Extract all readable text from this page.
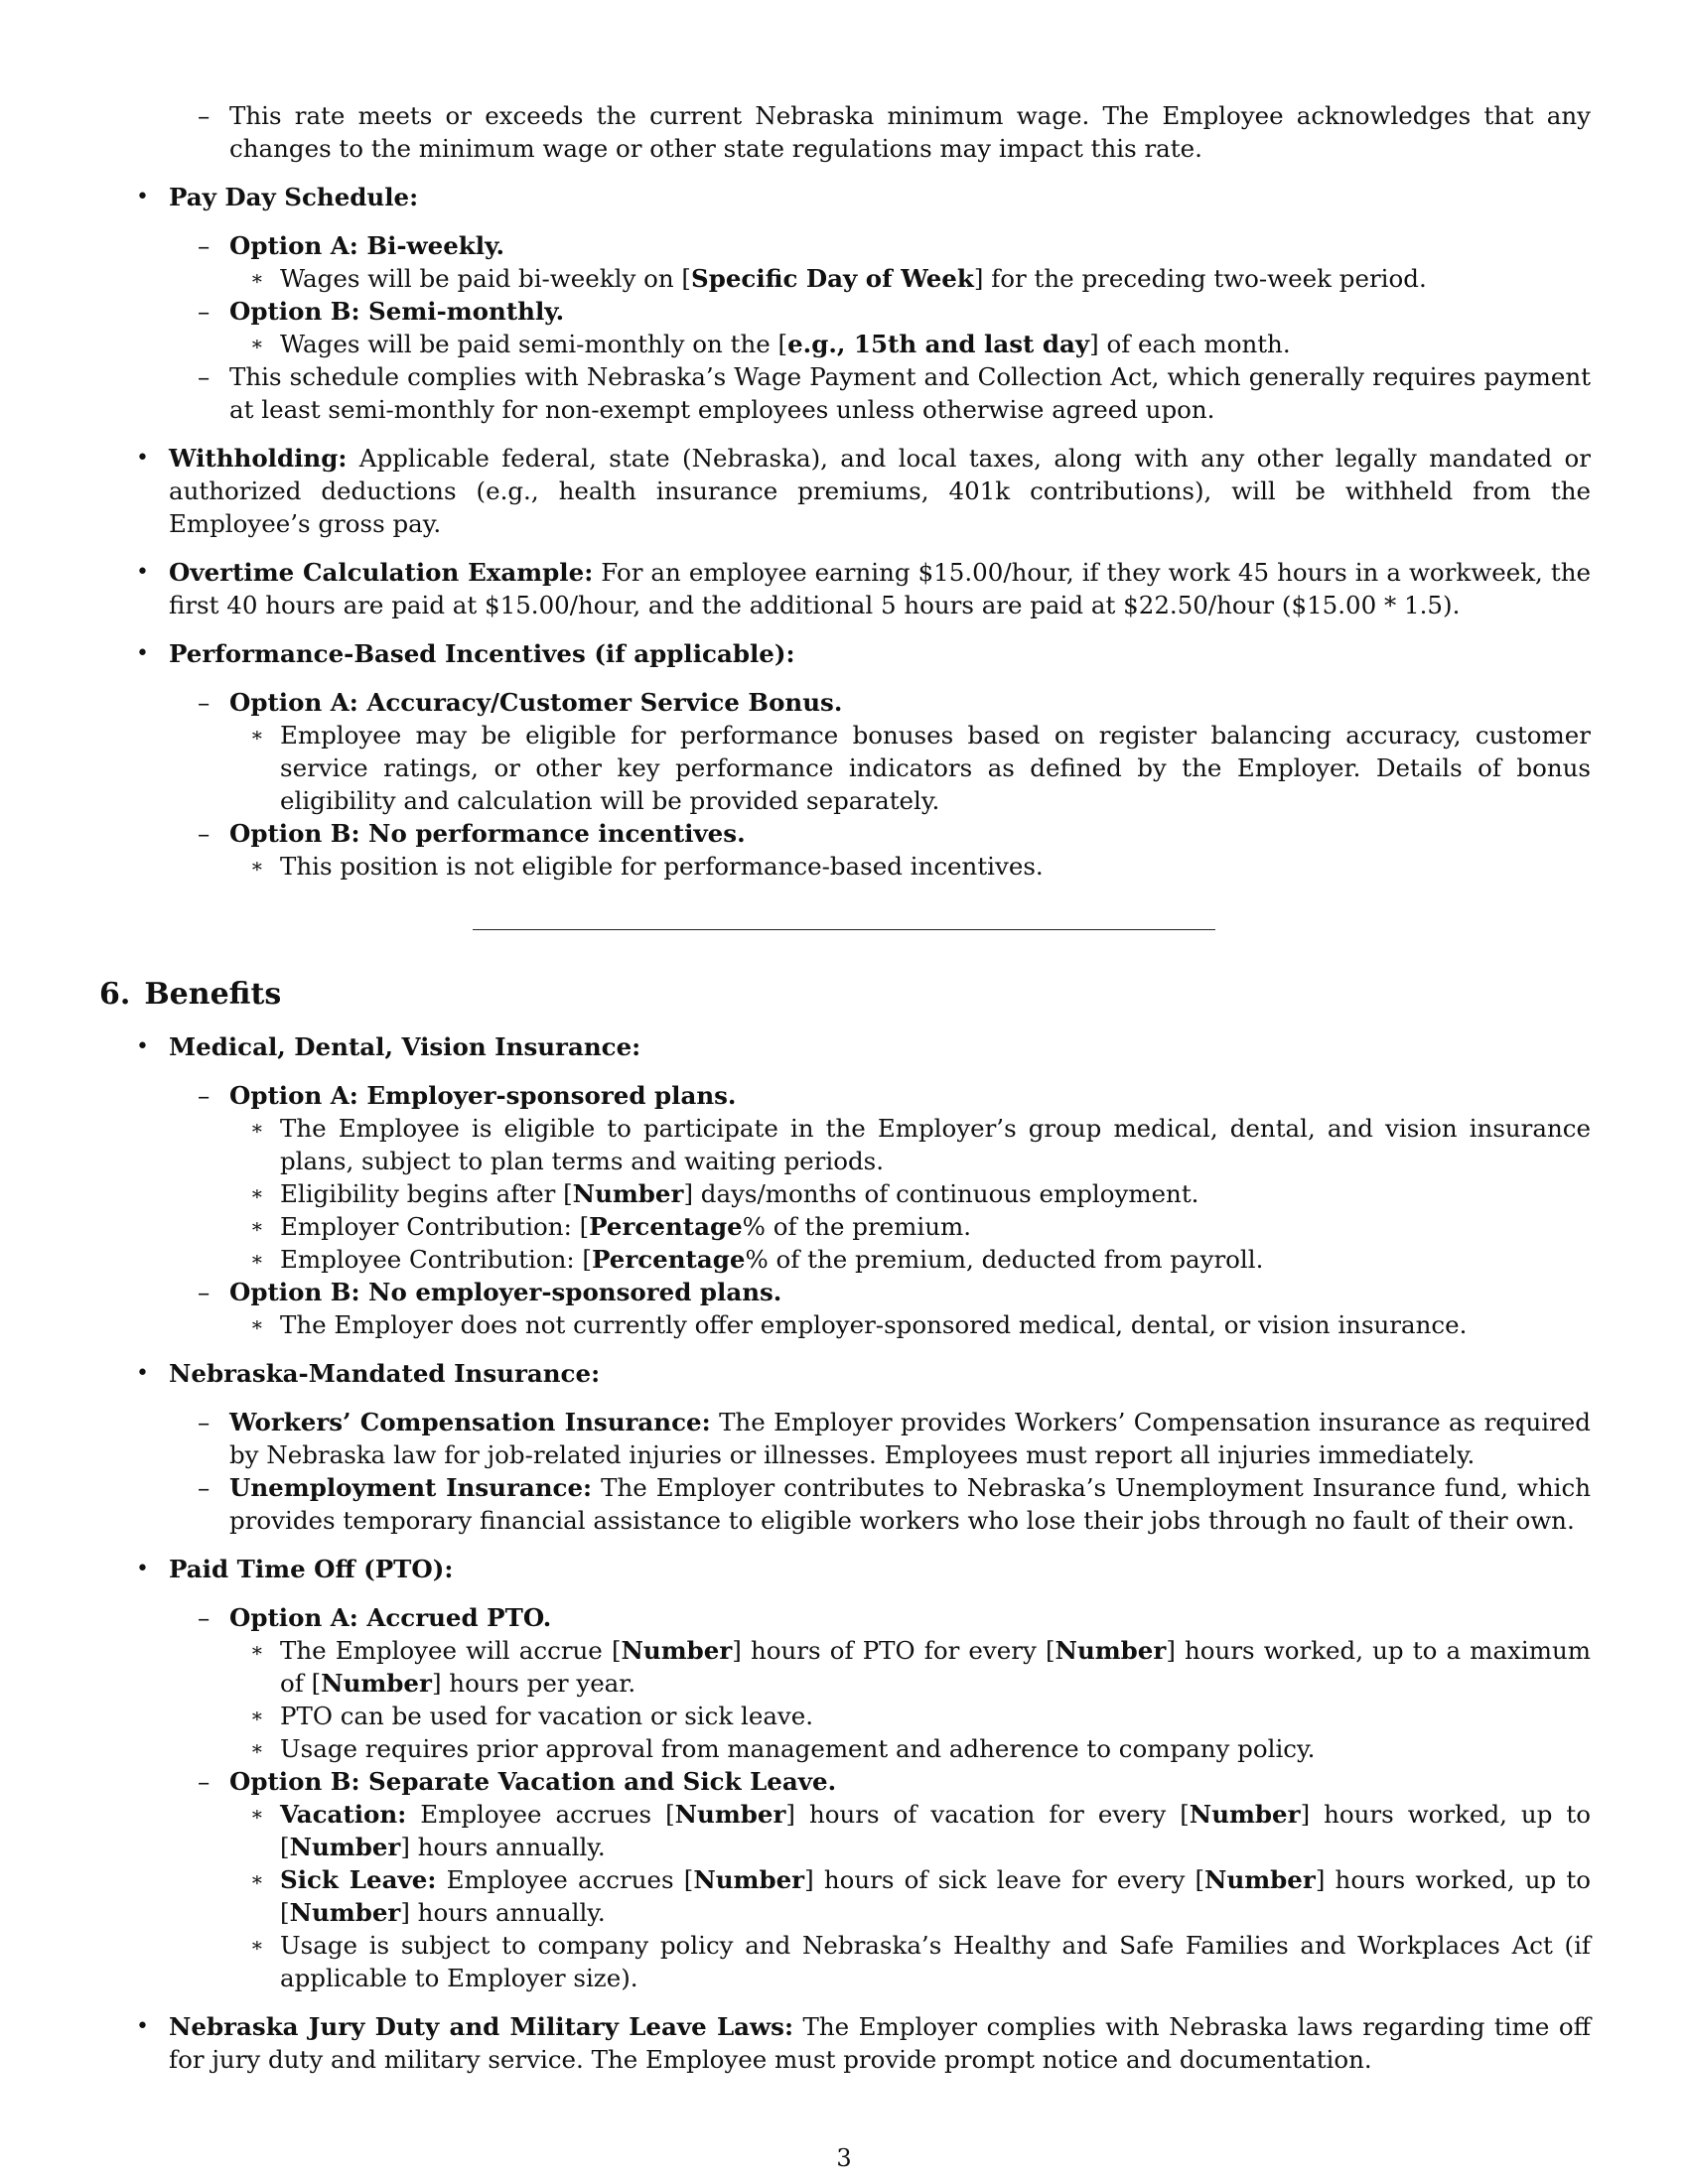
– This rate meets or exceeds the current Nebraska minimum wage. The Employee acknowledges that any changes to the minimum wage or other state regulations may impact this rate.
• Pay Day Schedule:
– Option A: Bi-weekly.
∗ Wages will be paid bi-weekly on [Specific Day of Week] for the preceding two-week period.
– Option B: Semi-monthly.
∗ Wages will be paid semi-monthly on the [e.g., 15th and last day] of each month.
– This schedule complies with Nebraska’s Wage Payment and Collection Act, which generally requires payment at least semi-monthly for non-exempt employees unless otherwise agreed upon.
• Withholding: Applicable federal, state (Nebraska), and local taxes, along with any other legally mandated or authorized deductions (e.g., health insurance premiums, 401k contributions), will be withheld from the Employee’s gross pay.
• Overtime Calculation Example: For an employee earning $15.00/hour, if they work 45 hours in a workweek, the first 40 hours are paid at $15.00/hour, and the additional 5 hours are paid at $22.50/hour ($15.00 * 1.5).
• Performance-Based Incentives (if applicable):
– Option A: Accuracy/Customer Service Bonus.
∗ Employee may be eligible for performance bonuses based on register balancing accuracy, customer service ratings, or other key performance indicators as defined by the Employer. Details of bonus eligibility and calculation will be provided separately.
– Option B: No performance incentives.
∗ This position is not eligible for performance-based incentives.
6. Benefits
• Medical, Dental, Vision Insurance:
– Option A: Employer-sponsored plans.
∗ The Employee is eligible to participate in the Employer’s group medical, dental, and vision insurance plans, subject to plan terms and waiting periods.
∗ Eligibility begins after [Number] days/months of continuous employment.
∗ Employer Contribution: [Percentage% of the premium.
∗ Employee Contribution: [Percentage% of the premium, deducted from payroll.
– Option B: No employer-sponsored plans.
∗ The Employer does not currently offer employer-sponsored medical, dental, or vision insurance.
• Nebraska-Mandated Insurance:
– Workers’ Compensation Insurance: The Employer provides Workers’ Compensation insurance as required by Nebraska law for job-related injuries or illnesses. Employees must report all injuries immediately.
– Unemployment Insurance: The Employer contributes to Nebraska’s Unemployment Insurance fund, which provides temporary financial assistance to eligible workers who lose their jobs through no fault of their own.
• Paid Time Off (PTO):
– Option A: Accrued PTO.
∗ The Employee will accrue [Number] hours of PTO for every [Number] hours worked, up to a maximum of [Number] hours per year.
∗ PTO can be used for vacation or sick leave.
∗ Usage requires prior approval from management and adherence to company policy.
– Option B: Separate Vacation and Sick Leave.
∗ Vacation: Employee accrues [Number] hours of vacation for every [Number] hours worked, up to [Number] hours annually.
∗ Sick Leave: Employee accrues [Number] hours of sick leave for every [Number] hours worked, up to [Number] hours annually.
∗ Usage is subject to company policy and Nebraska’s Healthy and Safe Families and Workplaces Act (if applicable to Employer size).
• Nebraska Jury Duty and Military Leave Laws: The Employer complies with Nebraska laws regarding time off for jury duty and military service. The Employee must provide prompt notice and documentation.
3
